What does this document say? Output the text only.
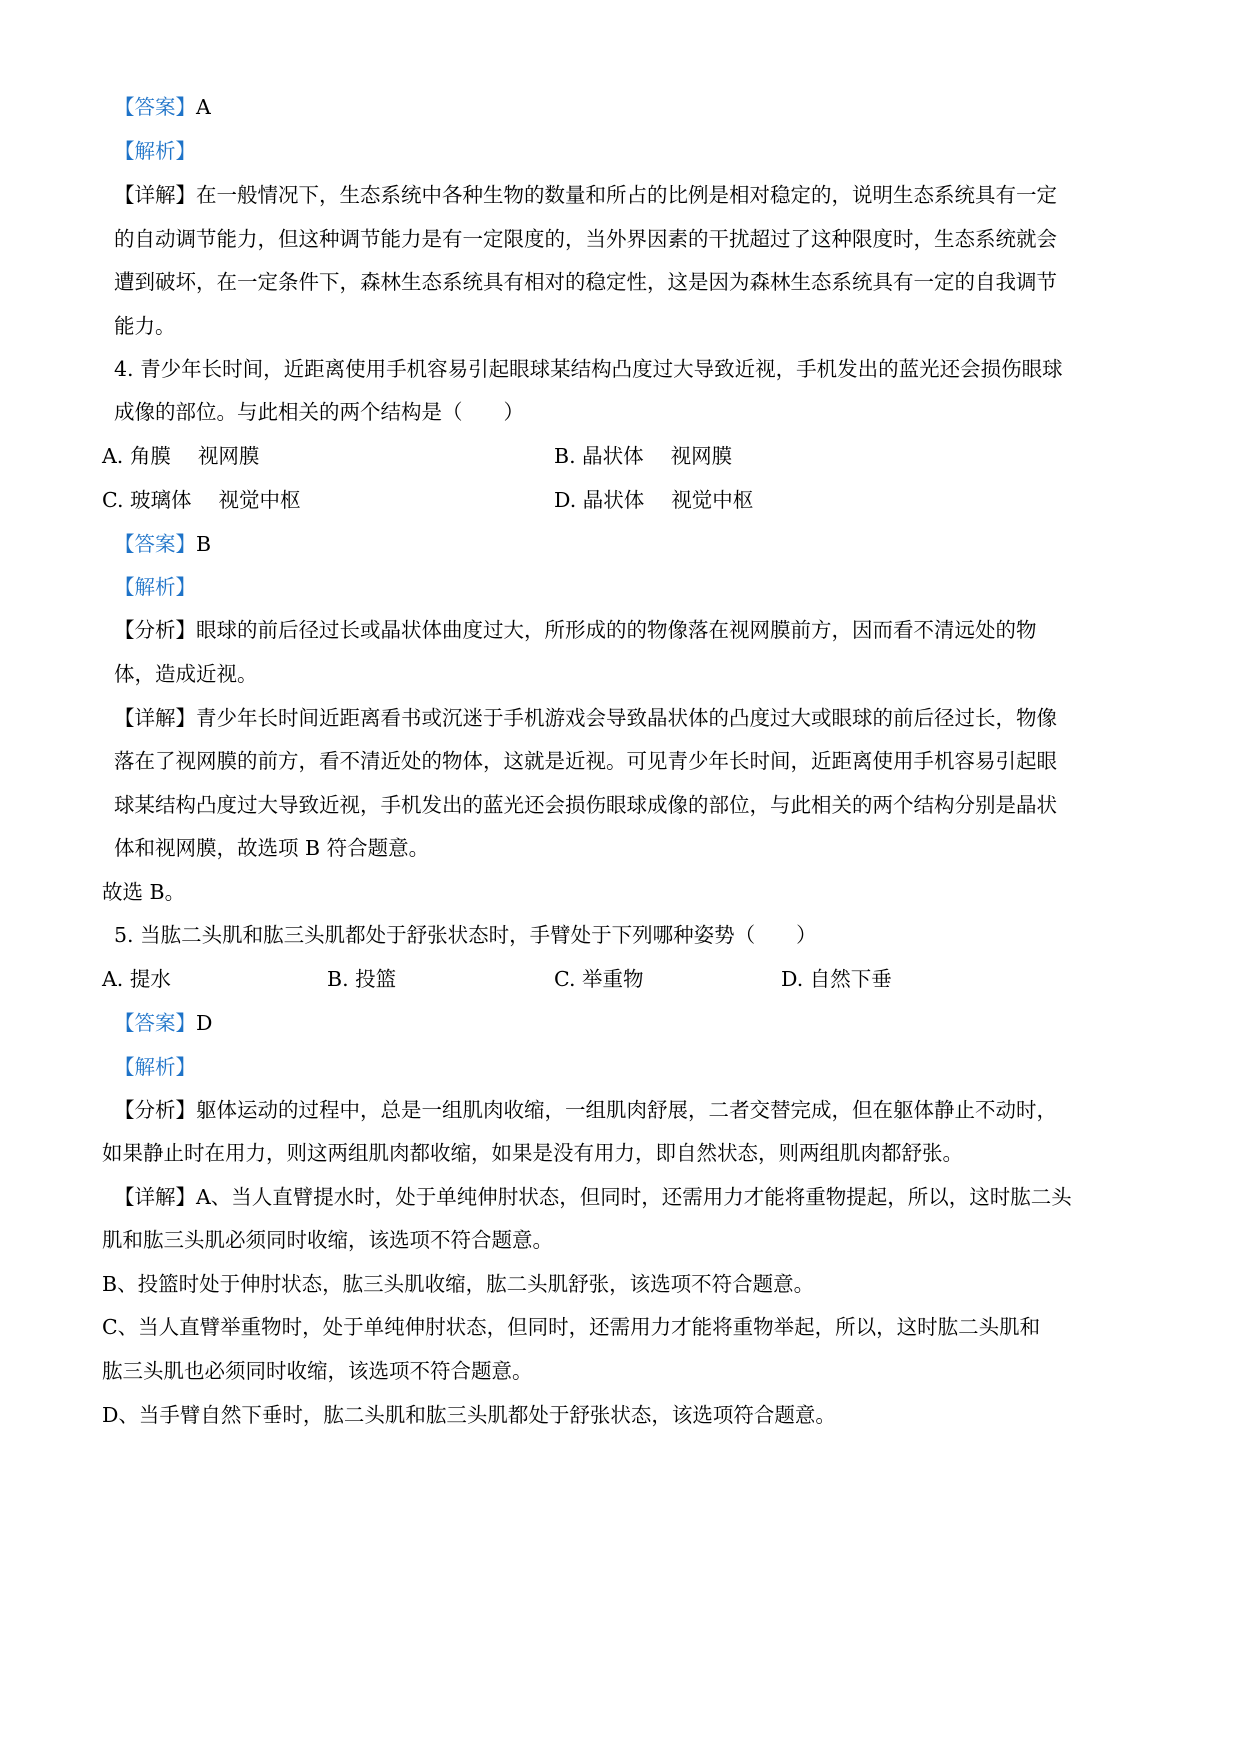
【答案】A
【解析】
【详解】在一般情况下，生态系统中各种生物的数量和所占的比例是相对稳定的，说明生态系统具有一定
的自动调节能力，但这种调节能力是有一定限度的，当外界因素的干扰超过了这种限度时，生态系统就会
遭到破坏，在一定条件下，森林生态系统具有相对的稳定性，这是因为森林生态系统具有一定的自我调节
能力。
4. 青少年长时间，近距离使用手机容易引起眼球某结构凸度过大导致近视，手机发出的蓝光还会损伤眼球
成像的部位。与此相关的两个结构是（　　）
A. 角膜　 视网膜	B. 晶状体　 视网膜
C. 玻璃体　 视觉中枢	D. 晶状体　 视觉中枢
【答案】B
【解析】
【分析】眼球的前后径过长或晶状体曲度过大，所形成的的物像落在视网膜前方，因而看不清远处的物
体，造成近视。
【详解】青少年长时间近距离看书或沉迷于手机游戏会导致晶状体的凸度过大或眼球的前后径过长，物像
落在了视网膜的前方，看不清近处的物体，这就是近视。可见青少年长时间，近距离使用手机容易引起眼
球某结构凸度过大导致近视，手机发出的蓝光还会损伤眼球成像的部位，与此相关的两个结构分别是晶状
体和视网膜，故选项 B 符合题意。
故选 B。
5. 当肱二头肌和肱三头肌都处于舒张状态时，手臂处于下列哪种姿势（　　）
A. 提水	B. 投篮	C. 举重物	D. 自然下垂
【答案】D
【解析】
【分析】躯体运动的过程中，总是一组肌肉收缩，一组肌肉舒展，二者交替完成，但在躯体静止不动时，
如果静止时在用力，则这两组肌肉都收缩，如果是没有用力，即自然状态，则两组肌肉都舒张。
【详解】A、当人直臂提水时，处于单纯伸肘状态，但同时，还需用力才能将重物提起，所以，这时肱二头
肌和肱三头肌必须同时收缩，该选项不符合题意。
B、投篮时处于伸肘状态，肱三头肌收缩，肱二头肌舒张，该选项不符合题意。
C、当人直臂举重物时，处于单纯伸肘状态，但同时，还需用力才能将重物举起，所以，这时肱二头肌和
肱三头肌也必须同时收缩，该选项不符合题意。
D、当手臂自然下垂时，肱二头肌和肱三头肌都处于舒张状态，该选项符合题意。
